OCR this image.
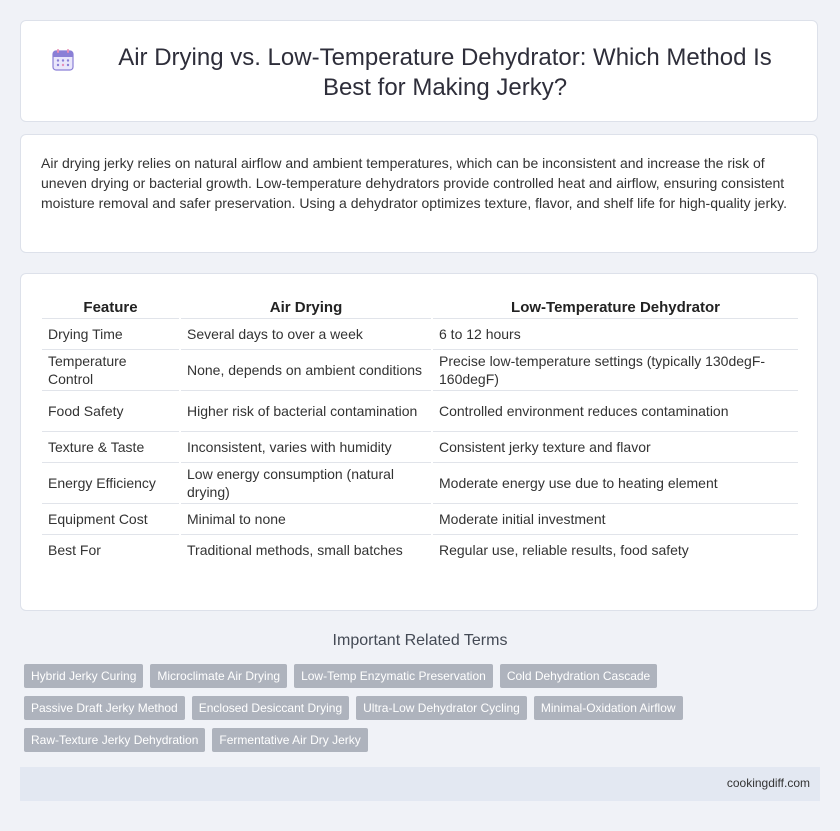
Air Drying vs. Low-Temperature Dehydrator: Which Method Is Best for Making Jerky?
Air drying jerky relies on natural airflow and ambient temperatures, which can be inconsistent and increase the risk of uneven drying or bacterial growth. Low-temperature dehydrators provide controlled heat and airflow, ensuring consistent moisture removal and safer preservation. Using a dehydrator optimizes texture, flavor, and shelf life for high-quality jerky.
Feature	Air Drying	Low-Temperature Dehydrator
Drying Time	Several days to over a week	6 to 12 hours
Temperature Control	None, depends on ambient conditions	Precise low-temperature settings (typically 130degF-160degF)
Food Safety	Higher risk of bacterial contamination	Controlled environment reduces contamination
Texture & Taste	Inconsistent, varies with humidity	Consistent jerky texture and flavor
Energy Efficiency	Low energy consumption (natural drying)	Moderate energy use due to heating element
Equipment Cost	Minimal to none	Moderate initial investment
Best For	Traditional methods, small batches	Regular use, reliable results, food safety
Important Related Terms
Hybrid Jerky Curing	Microclimate Air Drying	Low-Temp Enzymatic Preservation	Cold Dehydration Cascade
Passive Draft Jerky Method	Enclosed Desiccant Drying	Ultra-Low Dehydrator Cycling	Minimal-Oxidation Airflow
Raw-Texture Jerky Dehydration	Fermentative Air Dry Jerky
cookingdiff.com
